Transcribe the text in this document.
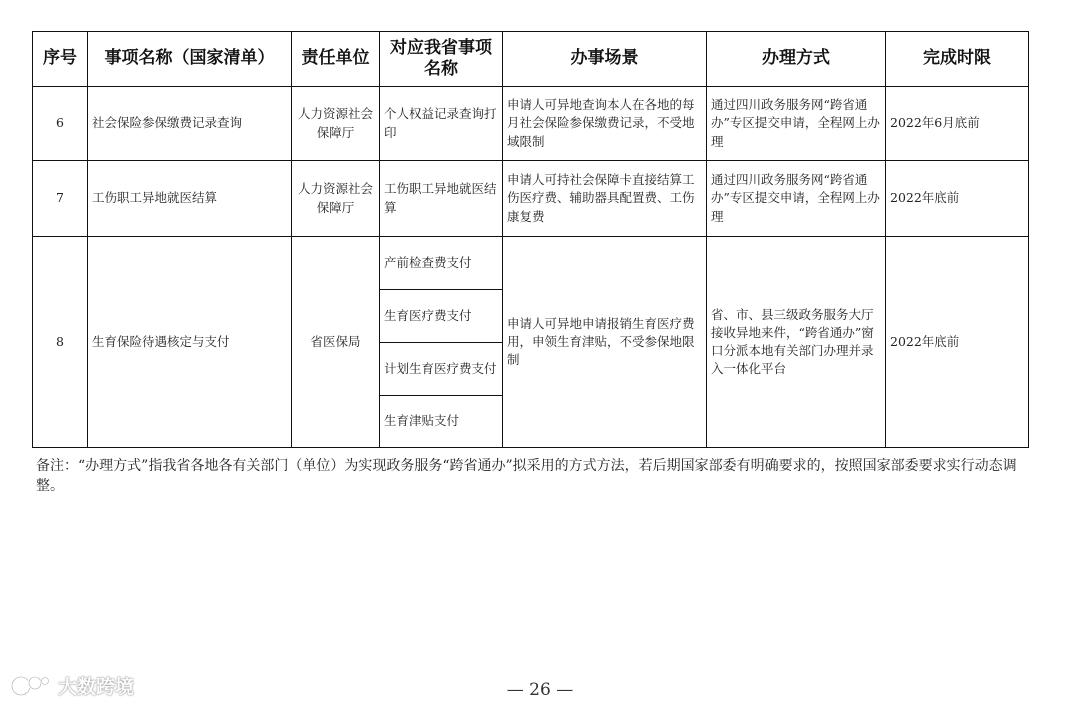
序号	事项名称（国家清单）	责任单位	对应我省事项名称	办事场景	办理方式	完成时限
6	社会保险参保缴费记录查询	人力资源社会保障厅	个人权益记录查询打印	申请人可异地查询本人在各地的每月社会保险参保缴费记录，不受地域限制	通过四川政务服务网“跨省通办”专区提交申请，全程网上办理	2022年6月底前
7	工伤职工异地就医结算	人力资源社会保障厅	工伤职工异地就医结算	申请人可持社会保障卡直接结算工伤医疗费、辅助器具配置费、工伤康复费	通过四川政务服务网“跨省通办”专区提交申请，全程网上办理	2022年底前
8	生育保险待遇核定与支付	省医保局	产前检查费支付	申请人可异地申请报销生育医疗费用，申领生育津贴，不受参保地限制	省、市、县三级政务服务大厅接收异地来件，“跨省通办”窗口分派本地有关部门办理并录入一体化平台	2022年底前
			生育医疗费支付			
			计划生育医疗费支付			
			生育津贴支付			
备注：“办理方式”指我省各地各有关部门（单位）为实现政务服务“跨省通办”拟采用的方式方法，若后期国家部委有明确要求的，按照国家部委要求实行动态调整。
— 26 —
大数跨境
